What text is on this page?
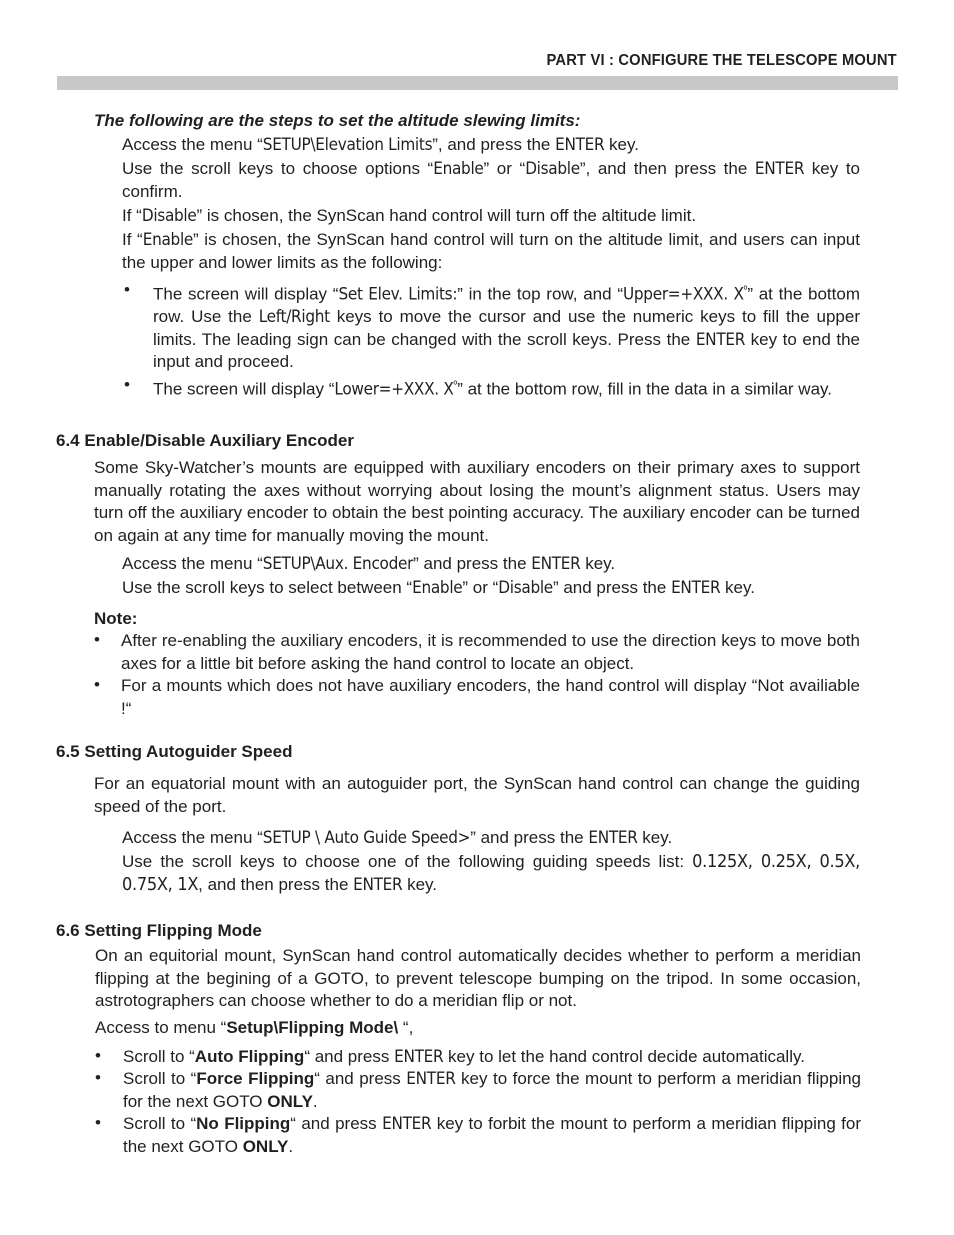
PART VI : CONFIGURE THE TELESCOPE MOUNT
The following are the steps to set the altitude slewing limits:
Access the menu “SETUP\Elevation Limits”, and press the ENTER key.
Use the scroll keys to choose options “Enable” or “Disable”, and then press the ENTER key to confirm.
If “Disable” is chosen, the SynScan hand control will turn off the altitude limit.
If “Enable” is chosen, the SynScan hand control will turn on the altitude limit, and users can input the upper and lower limits as the following:
• The screen will display “Set Elev. Limits:” in the top row, and “Upper=+XXX. $X^º$” at the bottom row. Use the Left/Right keys to move the cursor and use the numeric keys to fill the upper limits. The leading sign can be changed with the scroll keys. Press the ENTER key to end the input and proceed.
• The screen will display “Lower=+XXX. $X^º$” at the bottom row, fill in the data in a similar way.
6.4 Enable/Disable Auxiliary Encoder
Some Sky-Watcher’s mounts are equipped with auxiliary encoders on their primary axes to support manually rotating the axes without worrying about losing the mount’s alignment status. Users may turn off the auxiliary encoder to obtain the best pointing accuracy. The auxiliary encoder can be turned on again at any time for manually moving the mount.
Access the menu “SETUP\Aux. Encoder” and press the ENTER key.
Use the scroll keys to select between “Enable” or “Disable” and press the ENTER key.
Note:
• After re-enabling the auxiliary encoders, it is recommended to use the direction keys to move both axes for a little bit before asking the hand control to locate an object.
• For a mounts which does not have auxiliary encoders, the hand control will display “Not availiable !“
6.5 Setting Autoguider Speed
For an equatorial mount with an autoguider port, the SynScan hand control can change the guiding speed of the port.
Access the menu “SETUP \ Auto Guide Speed>” and press the ENTER key.
Use the scroll keys to choose one of the following guiding speeds list: 0.125X, 0.25X, 0.5X, 0.75X, 1X, and then press the ENTER key.
6.6 Setting Flipping Mode
On an equitorial mount, SynScan hand control automatically decides whether to perform a meridian flipping at the begining of a GOTO, to prevent telescope bumping on the tripod. In some occasion, astrotographers can choose whether to do a meridian flip or not.
Access to menu “Setup\Flipping Mode\ “,
• Scroll to “Auto Flipping“ and press ENTER key to let the hand control decide automatically.
• Scroll to “Force Flipping“ and press ENTER key to force the mount to perform a meridian flipping for the next GOTO ONLY.
• Scroll to “No Flipping“ and press ENTER key to forbit the mount to perform a meridian flipping for the next GOTO ONLY.
